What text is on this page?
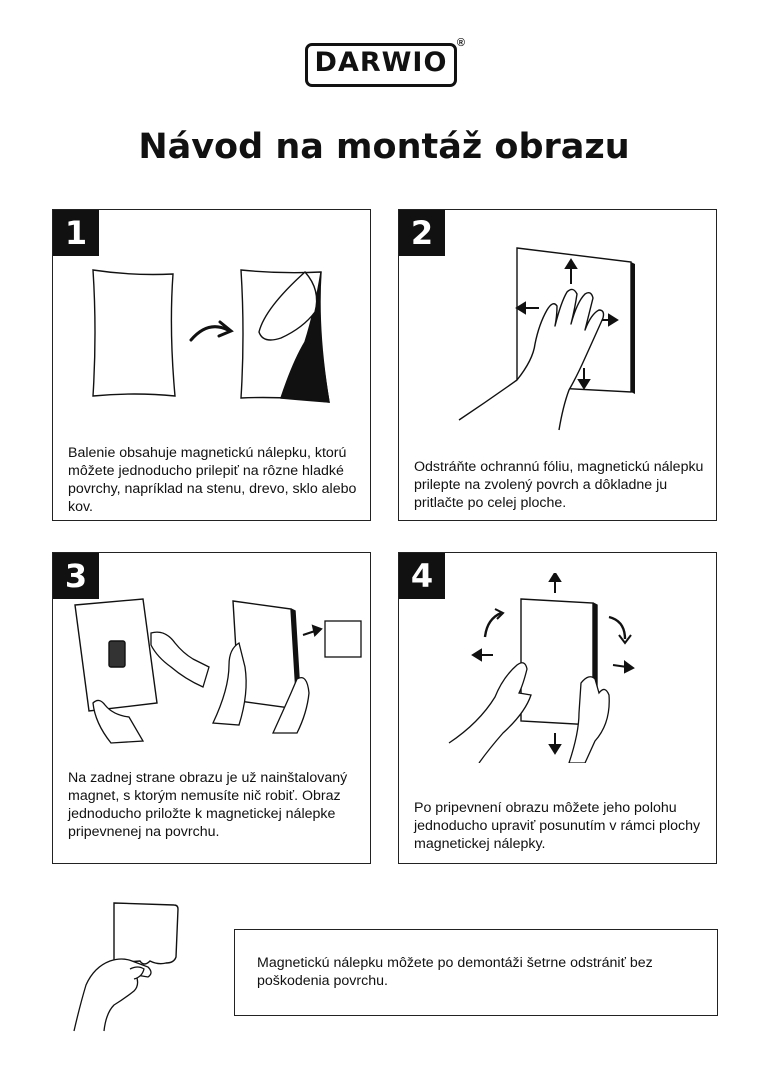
DARWIO
®
Návod na montáž obrazu
1
Balenie obsahuje magnetickú nálepku, ktorú môžete jednoducho prilepiť na rôzne hladké povrchy, napríklad na stenu, drevo, sklo alebo kov.
2
Odstráňte ochrannú fóliu, magnetickú nálepku prilepte na zvolený povrch a dôkladne ju pritlačte po celej ploche.
3
Na zadnej strane obrazu je už nainštalovaný magnet, s ktorým nemusíte nič robiť. Obraz jednoducho priložte k magnetickej nálepke pripevnenej na povrchu.
4
Po pripevnení obrazu môžete jeho polohu jednoducho upraviť posunutím v rámci plochy magnetickej nálepky.
Magnetickú nálepku môžete po demontáži šetrne odstrániť bez poškodenia povrchu.
